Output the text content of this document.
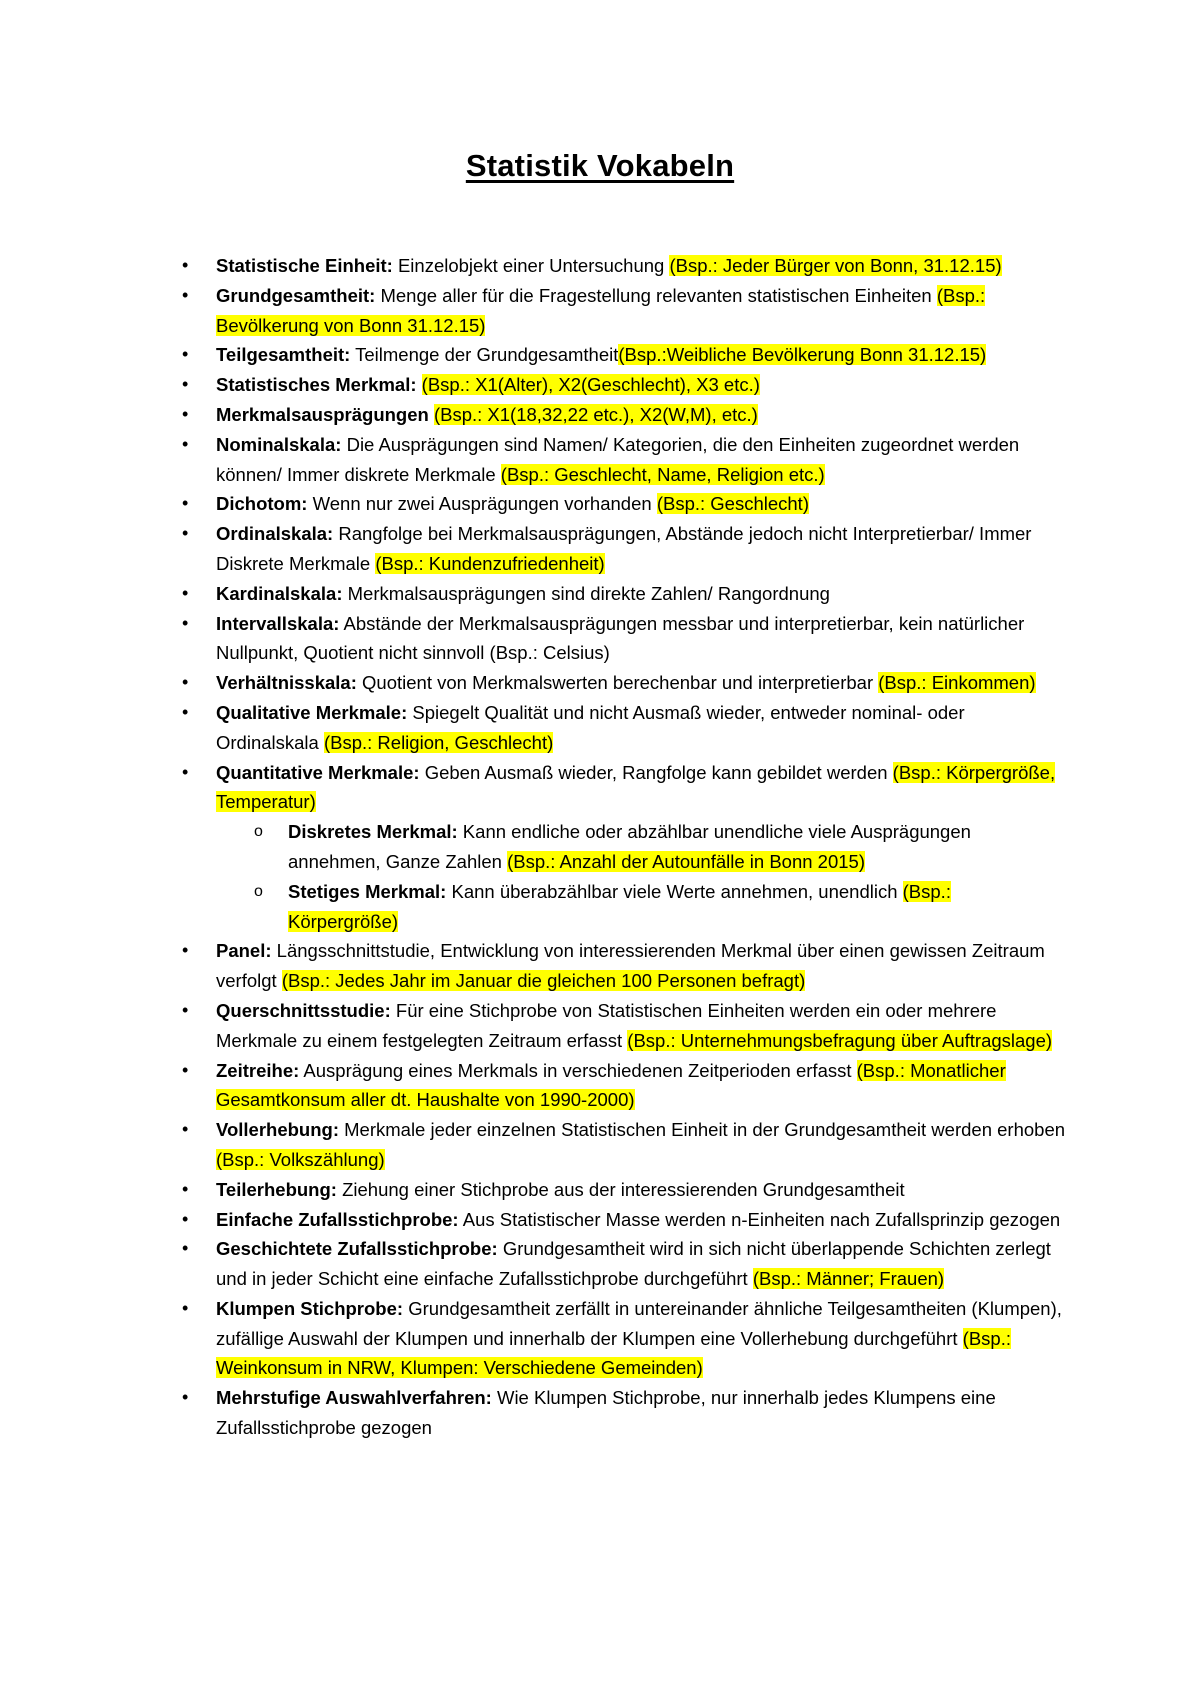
Statistik Vokabeln
• Statistische Einheit: Einzelobjekt einer Untersuchung (Bsp.: Jeder Bürger von Bonn, 31.12.15)
• Grundgesamtheit: Menge aller für die Fragestellung relevanten statistischen Einheiten (Bsp.: Bevölkerung von Bonn 31.12.15)
• Teilgesamtheit: Teilmenge der Grundgesamtheit(Bsp.:Weibliche Bevölkerung Bonn 31.12.15)
• Statistisches Merkmal: (Bsp.: X1(Alter), X2(Geschlecht), X3 etc.)
• Merkmalsausprägungen (Bsp.: X1(18,32,22 etc.), X2(W,M), etc.)
• Nominalskala: Die Ausprägungen sind Namen/ Kategorien, die den Einheiten zugeordnet werden können/ Immer diskrete Merkmale (Bsp.: Geschlecht, Name, Religion etc.)
• Dichotom: Wenn nur zwei Ausprägungen vorhanden (Bsp.: Geschlecht)
• Ordinalskala: Rangfolge bei Merkmalsausprägungen, Abstände jedoch nicht Interpretierbar/ Immer Diskrete Merkmale (Bsp.: Kundenzufriedenheit)
• Kardinalskala: Merkmalsausprägungen sind direkte Zahlen/ Rangordnung
• Intervallskala: Abstände der Merkmalsausprägungen messbar und interpretierbar, kein natürlicher Nullpunkt, Quotient nicht sinnvoll (Bsp.: Celsius)
• Verhältnisskala: Quotient von Merkmalswerten berechenbar und interpretierbar (Bsp.: Einkommen)
• Qualitative Merkmale: Spiegelt Qualität und nicht Ausmaß wieder, entweder nominal- oder Ordinalskala (Bsp.: Religion, Geschlecht)
• Quantitative Merkmale: Geben Ausmaß wieder, Rangfolge kann gebildet werden (Bsp.: Körpergröße, Temperatur)
o Diskretes Merkmal: Kann endliche oder abzählbar unendliche viele Ausprägungen annehmen, Ganze Zahlen (Bsp.: Anzahl der Autounfälle in Bonn 2015)
o Stetiges Merkmal: Kann überabzählbar viele Werte annehmen, unendlich (Bsp.: Körpergröße)
• Panel: Längsschnittstudie, Entwicklung von interessierenden Merkmal über einen gewissen Zeitraum verfolgt (Bsp.: Jedes Jahr im Januar die gleichen 100 Personen befragt)
• Querschnittsstudie: Für eine Stichprobe von Statistischen Einheiten werden ein oder mehrere Merkmale zu einem festgelegten Zeitraum erfasst (Bsp.: Unternehmungsbefragung über Auftragslage)
• Zeitreihe: Ausprägung eines Merkmals in verschiedenen Zeitperioden erfasst (Bsp.: Monatlicher Gesamtkonsum aller dt. Haushalte von 1990-2000)
• Vollerhebung: Merkmale jeder einzelnen Statistischen Einheit in der Grundgesamtheit werden erhoben (Bsp.: Volkszählung)
• Teilerhebung: Ziehung einer Stichprobe aus der interessierenden Grundgesamtheit
• Einfache Zufallsstichprobe: Aus Statistischer Masse werden n-Einheiten nach Zufallsprinzip gezogen
• Geschichtete Zufallsstichprobe: Grundgesamtheit wird in sich nicht überlappende Schichten zerlegt und in jeder Schicht eine einfache Zufallsstichprobe durchgeführt (Bsp.: Männer; Frauen)
• Klumpen Stichprobe: Grundgesamtheit zerfällt in untereinander ähnliche Teilgesamtheiten (Klumpen), zufällige Auswahl der Klumpen und innerhalb der Klumpen eine Vollerhebung durchgeführt (Bsp.: Weinkonsum in NRW, Klumpen: Verschiedene Gemeinden)
• Mehrstufige Auswahlverfahren: Wie Klumpen Stichprobe, nur innerhalb jedes Klumpens eine Zufallsstichprobe gezogen
